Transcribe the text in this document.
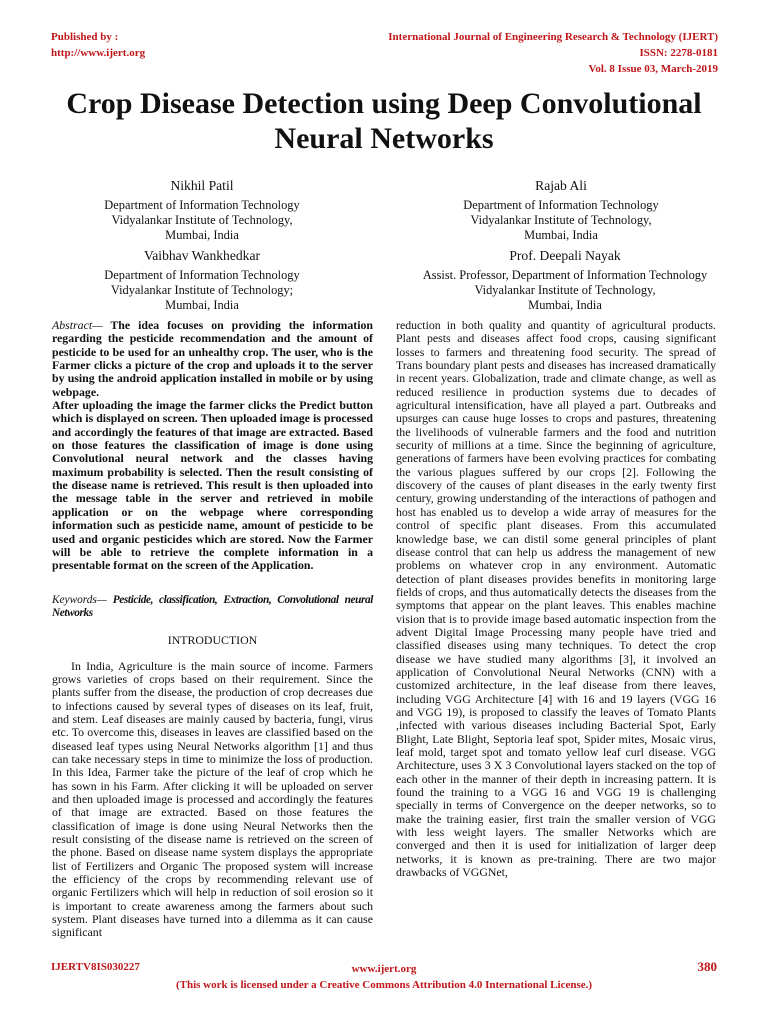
Published by :
http://www.ijert.org
International Journal of Engineering Research & Technology (IJERT)
ISSN: 2278-0181
Vol. 8 Issue 03, March-2019
Crop Disease Detection using Deep Convolutional
Neural Networks
Nikhil Patil
Department of Information Technology
Vidyalankar Institute of Technology,
Mumbai, India
Rajab Ali
Department of Information Technology
Vidyalankar Institute of Technology,
Mumbai, India
Vaibhav Wankhedkar
Department of Information Technology
Vidyalankar Institute of Technology;
Mumbai, India
Prof. Deepali Nayak
Assist. Professor, Department of Information Technology
Vidyalankar Institute of Technology,
Mumbai, India

Abstract— The idea focuses on providing the information regarding the pesticide recommendation and the amount of pesticide to be used for an unhealthy crop. The user, who is the Farmer clicks a picture of the crop and uploads it to the server by using the android application installed in mobile or by using webpage.

After uploading the image the farmer clicks the Predict button which is displayed on screen. Then uploaded image is processed and accordingly the features of that image are extracted. Based on those features the classification of image is done using Convolutional neural network and the classes having maximum probability is selected. Then the result consisting of the disease name is retrieved. This result is then uploaded into the message table in the server and retrieved in mobile application or on the webpage where corresponding information such as pesticide name, amount of pesticide to be used and organic pesticides which are stored. Now the Farmer will be able to retrieve the complete information in a presentable format on the screen of the Application.

Keywords— Pesticide, classification, Extraction, Convolutional neural Networks
INTRODUCTION

In India, Agriculture is the main source of income. Farmers grows varieties of crops based on their requirement. Since the plants suffer from the disease, the production of crop decreases due to infections caused by several types of diseases on its leaf, fruit, and stem. Leaf diseases are mainly caused by bacteria, fungi, virus etc. To overcome this, diseases in leaves are classified based on the diseased leaf types using Neural Networks algorithm [1] and thus can take necessary steps in time to minimize the loss of production. In this Idea, Farmer take the picture of the leaf of crop which he has sown in his Farm. After clicking it will be uploaded on server and then uploaded image is processed and accordingly the features of that image are extracted. Based on those features the classification of image is done using Neural Networks then the result consisting of the disease name is retrieved on the screen of the phone. Based on disease name system displays the appropriate list of Fertilizers and Organic The proposed system will increase the efficiency of the crops by recommending relevant use of organic Fertilizers which will help in reduction of soil erosion so it is important to create awareness among the farmers about such system. Plant diseases have turned into a dilemma as it can cause significant

reduction in both quality and quantity of agricultural products. Plant pests and diseases affect food crops, causing significant losses to farmers and threatening food security. The spread of Trans boundary plant pests and diseases has increased dramatically in recent years. Globalization, trade and climate change, as well as reduced resilience in production systems due to decades of agricultural intensification, have all played a part. Outbreaks and upsurges can cause huge losses to crops and pastures, threatening the livelihoods of vulnerable farmers and the food and nutrition security of millions at a time. Since the beginning of agriculture, generations of farmers have been evolving practices for combating the various plagues suffered by our crops [2]. Following the discovery of the causes of plant diseases in the early twenty first century, growing understanding of the interactions of pathogen and host has enabled us to develop a wide array of measures for the control of specific plant diseases. From this accumulated knowledge base, we can distil some general principles of plant disease control that can help us address the management of new problems on whatever crop in any environment. Automatic detection of plant diseases provides benefits in monitoring large fields of crops, and thus automatically detects the diseases from the symptoms that appear on the plant leaves. This enables machine vision that is to provide image based automatic inspection from the advent Digital Image Processing many people have tried and classified diseases using many techniques. To detect the crop disease we have studied many algorithms [3], it involved an application of Convolutional Neural Networks (CNN) with a customized architecture, in the leaf disease from there leaves, including VGG Architecture [4] with 16 and 19 layers (VGG 16 and VGG 19), is proposed to classify the leaves of Tomato Plants ,infected with various diseases including Bacterial Spot, Early Blight, Late Blight, Septoria leaf spot, Spider mites, Mosaic virus, leaf mold, target spot and tomato yellow leaf curl disease. VGG Architecture, uses 3 X 3 Convolutional layers stacked on the top of each other in the manner of their depth in increasing pattern. It is found the training to a VGG 16 and VGG 19 is challenging specially in terms of Convergence on the deeper networks, so to make the training easier, first train the smaller version of VGG with less weight layers. The smaller Networks which are converged and then it is used for initialization of larger deep networks, it is known as pre-training. There are two major drawbacks of VGGNet,

IJERTV8IS030227	www.ijert.org
(This work is licensed under a Creative Commons Attribution 4.0 International License.)
380
